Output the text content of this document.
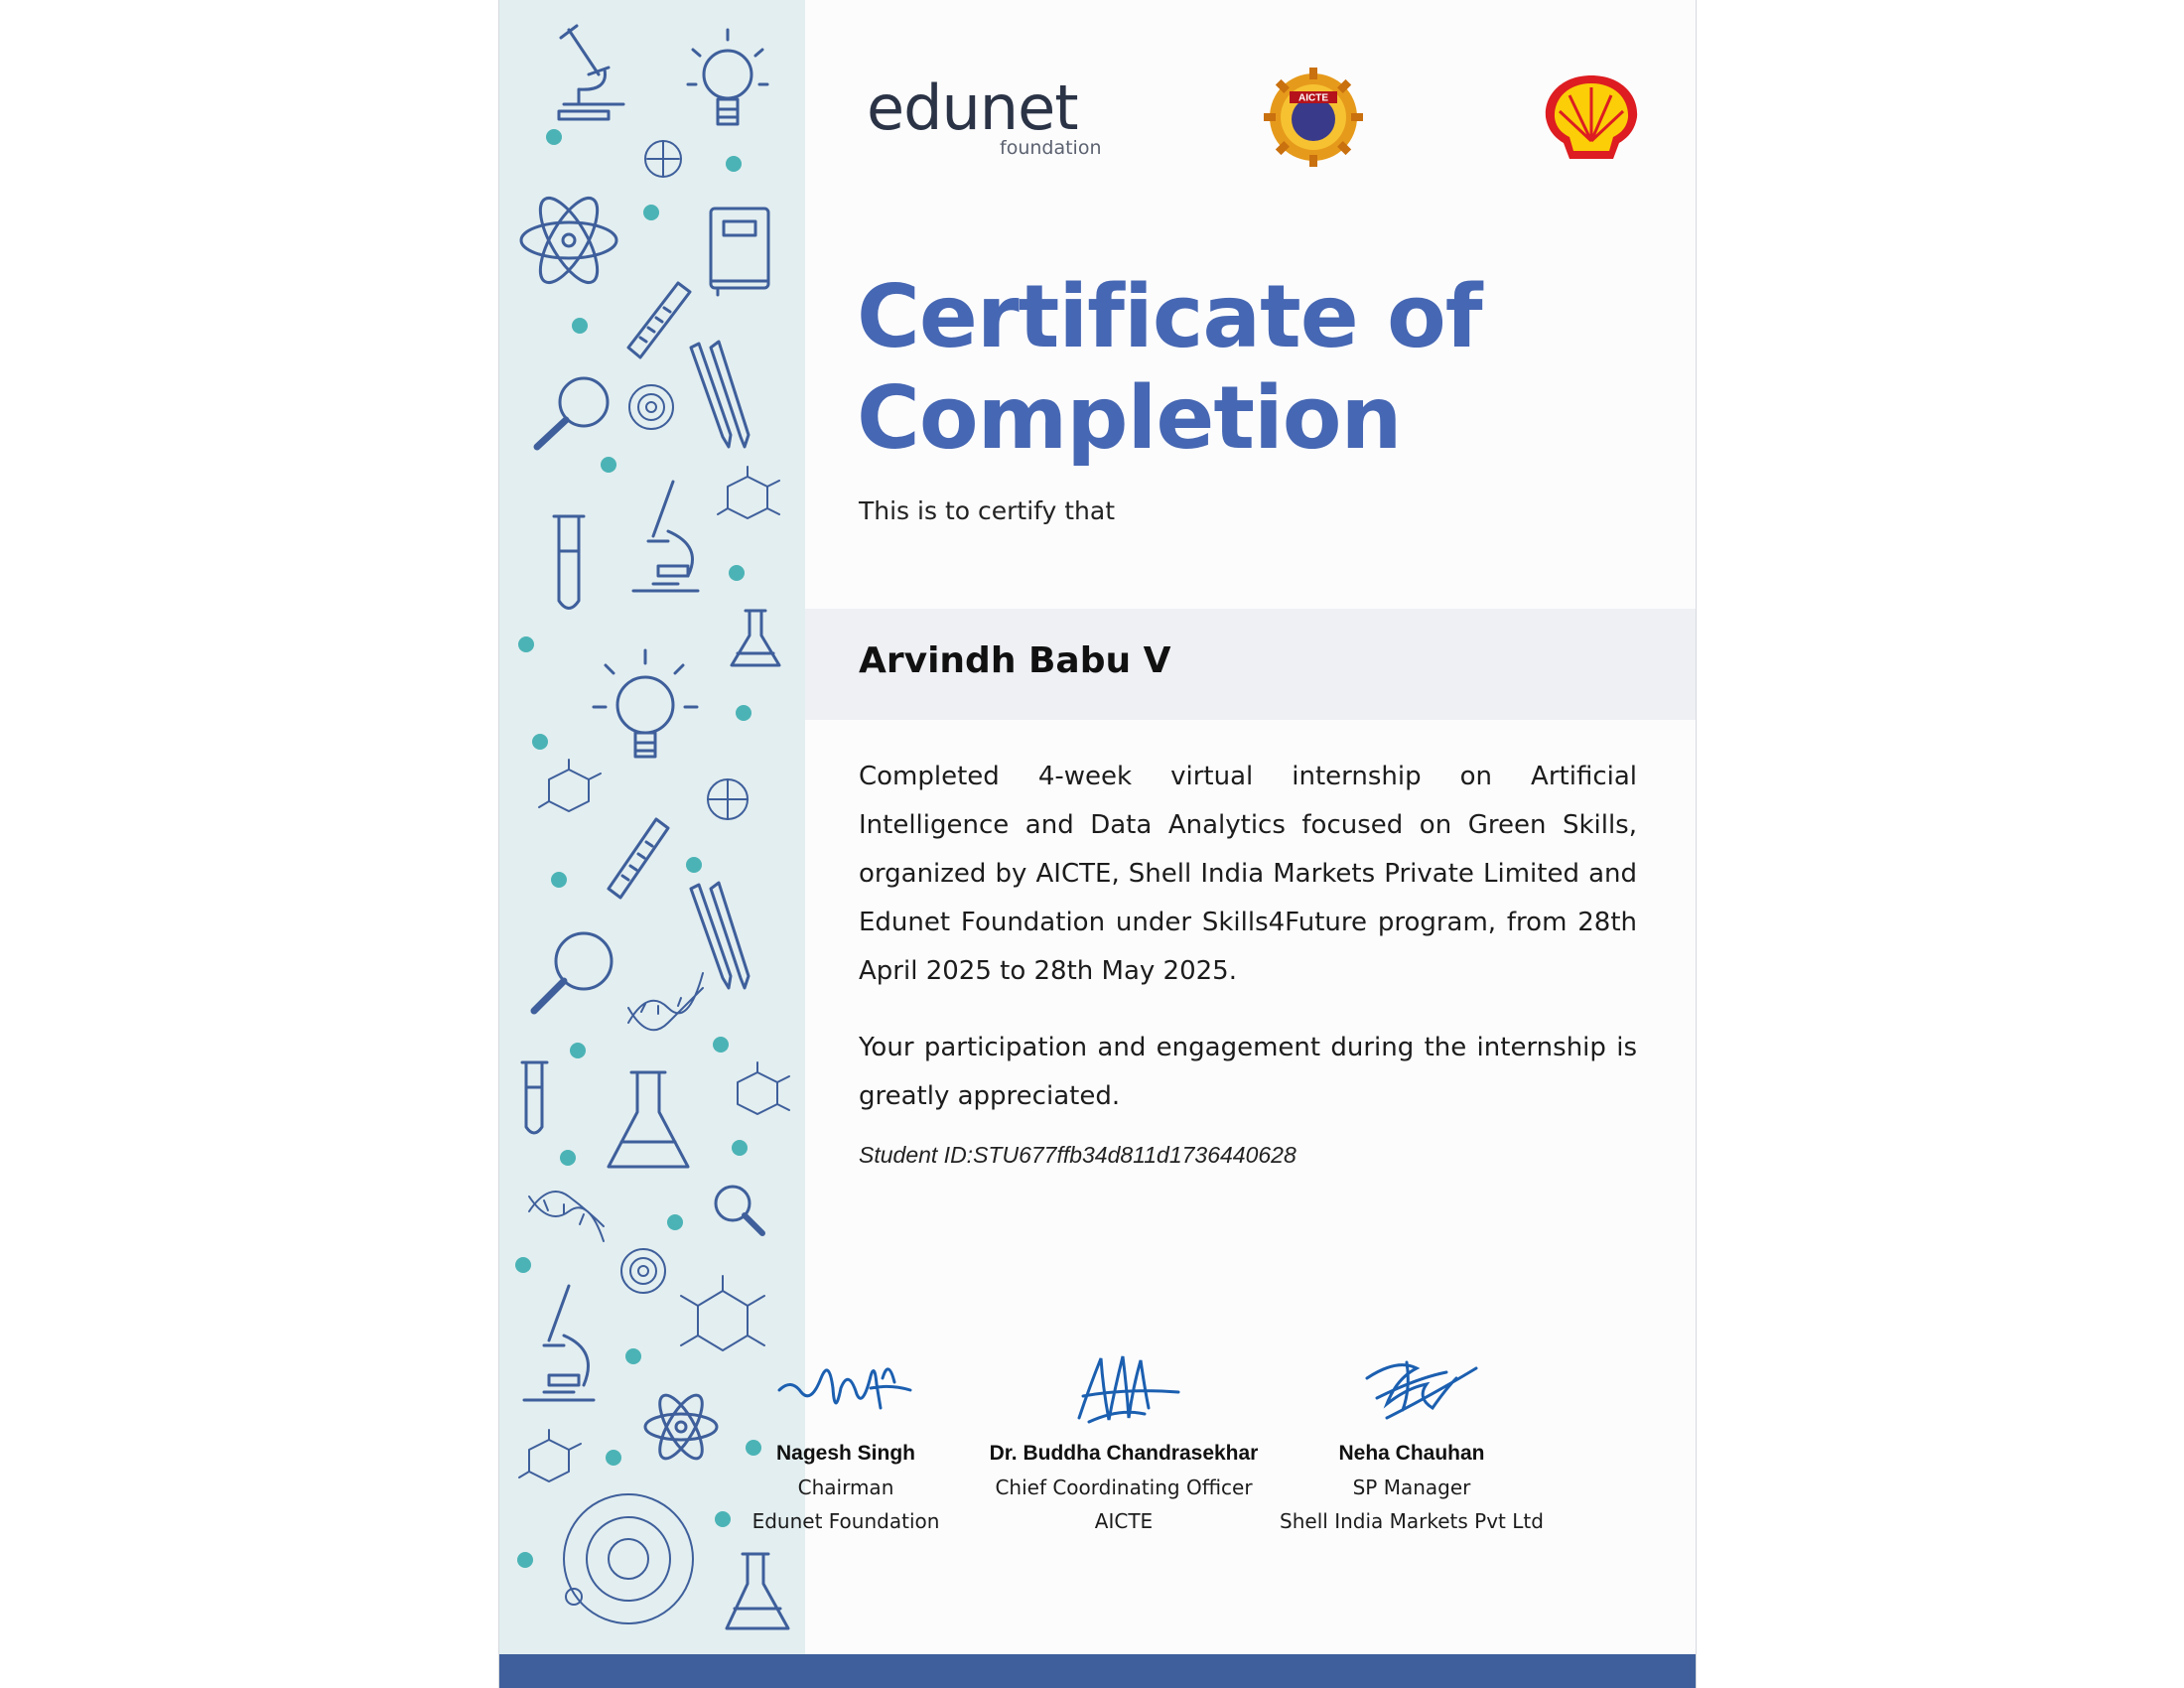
edunet
foundation
AICTE
Certificate of Completion
This is to certify that
Arvindh Babu V
Completed 4-week virtual internship on Artificial Intelligence and Data Analytics focused on Green Skills, organized by AICTE, Shell India Markets Private Limited and Edunet Foundation under Skills4Future program, from 28th April 2025 to 28th May 2025.
Your participation and engagement during the internship is greatly appreciated.
Student ID:STU677ffb34d811d1736440628
Nagesh Singh
Chairman
Edunet Foundation
Dr. Buddha Chandrasekhar
Chief Coordinating Officer
AICTE
Neha Chauhan
SP Manager
Shell India Markets Pvt Ltd
